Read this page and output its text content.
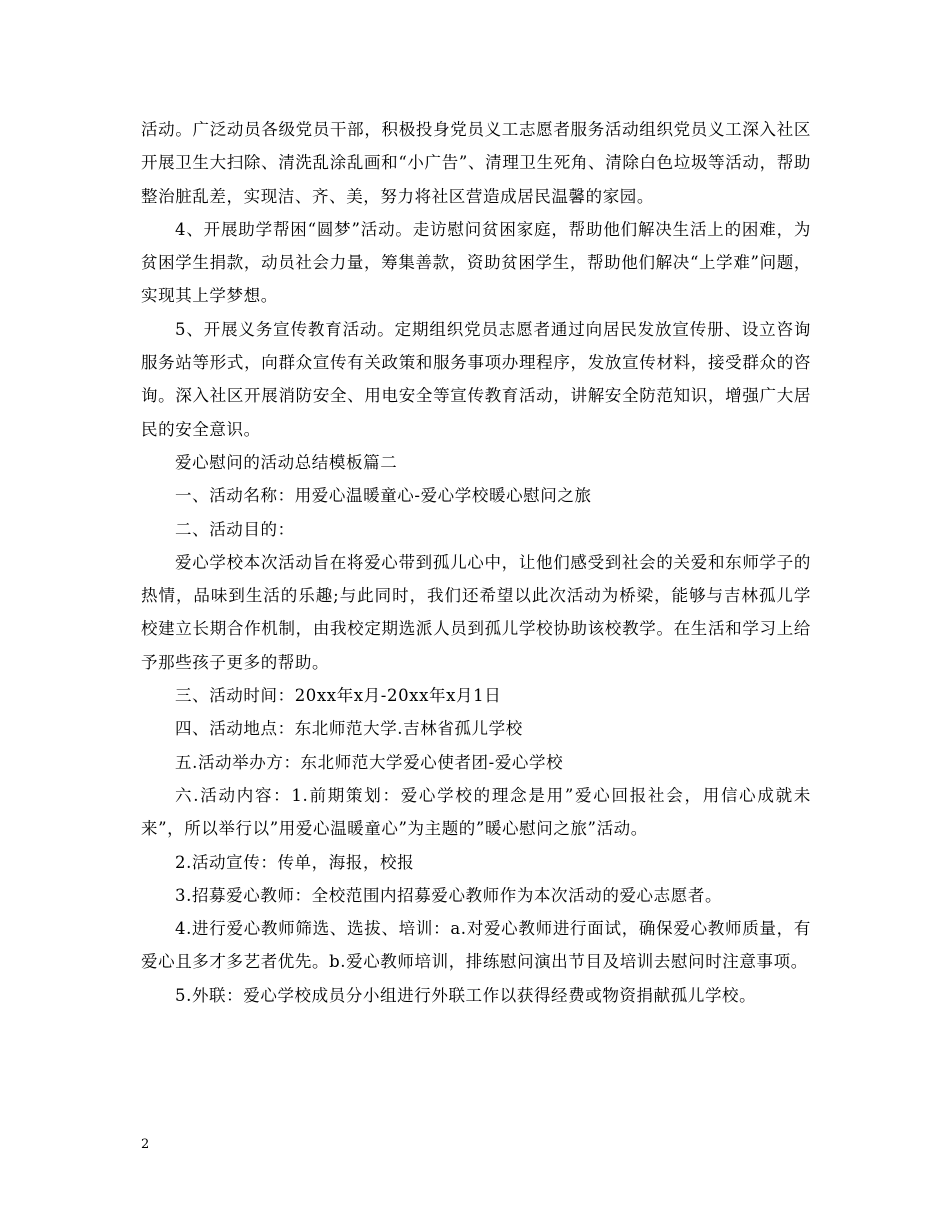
活动。广泛动员各级党员干部，积极投身党员义工志愿者服务活动组织党员义工深入社区开展卫生大扫除、清洗乱涂乱画和“小广告”、清理卫生死角、清除白色垃圾等活动，帮助整治脏乱差，实现洁、齐、美，努力将社区营造成居民温馨的家园。

4、开展助学帮困“圆梦”活动。走访慰问贫困家庭，帮助他们解决生活上的困难，为贫困学生捐款，动员社会力量，筹集善款，资助贫困学生，帮助他们解决“上学难”问题，实现其上学梦想。

5、开展义务宣传教育活动。定期组织党员志愿者通过向居民发放宣传册、设立咨询服务站等形式，向群众宣传有关政策和服务事项办理程序，发放宣传材料，接受群众的咨询。深入社区开展消防安全、用电安全等宣传教育活动，讲解安全防范知识，增强广大居民的安全意识。

爱心慰问的活动总结模板篇二

一、活动名称：用爱心温暖童心-爱心学校暖心慰问之旅

二、活动目的：

爱心学校本次活动旨在将爱心带到孤儿心中，让他们感受到社会的关爱和东师学子的热情，品味到生活的乐趣;与此同时，我们还希望以此次活动为桥梁，能够与吉林孤儿学校建立长期合作机制，由我校定期选派人员到孤儿学校协助该校教学。在生活和学习上给予那些孩子更多的帮助。

三、活动时间：20xx年x月-20xx年x月1日

四、活动地点：东北师范大学.吉林省孤儿学校

五.活动举办方：东北师范大学爱心使者团-爱心学校

六.活动内容：1.前期策划：爱心学校的理念是用”爱心回报社会，用信心成就未来”，所以举行以”用爱心温暖童心”为主题的”暖心慰问之旅”活动。

2.活动宣传：传单，海报，校报

3.招募爱心教师：全校范围内招募爱心教师作为本次活动的爱心志愿者。

4.进行爱心教师筛选、选拔、培训：a.对爱心教师进行面试，确保爱心教师质量，有爱心且多才多艺者优先。b.爱心教师培训，排练慰问演出节目及培训去慰问时注意事项。

5.外联：爱心学校成员分小组进行外联工作以获得经费或物资捐献孤儿学校。

2
